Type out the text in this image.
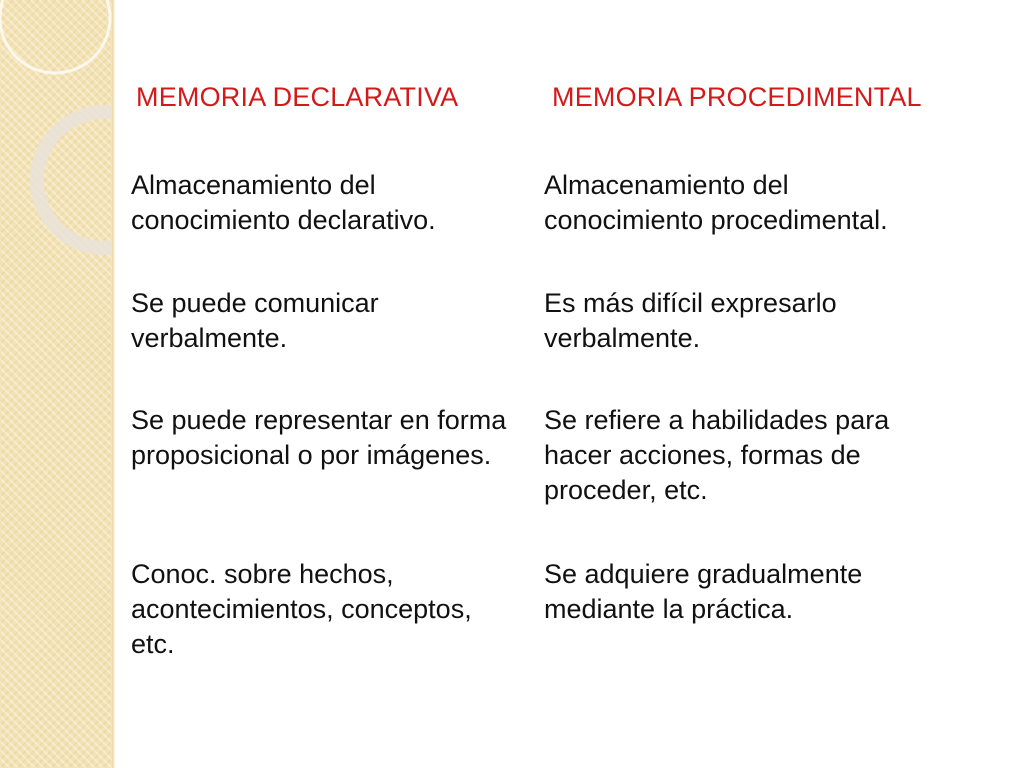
MEMORIA DECLARATIVA	MEMORIA PROCEDIMENTAL

Almacenamiento del conocimiento declarativo.

Se puede comunicar verbalmente.

Se puede representar en forma proposicional o por imágenes.

Conoc. sobre hechos, acontecimientos, conceptos, etc.

Almacenamiento del conocimiento procedimental.

Es más difícil expresarlo verbalmente.

Se refiere a habilidades para hacer acciones, formas de proceder, etc.

Se adquiere gradualmente mediante la práctica.
